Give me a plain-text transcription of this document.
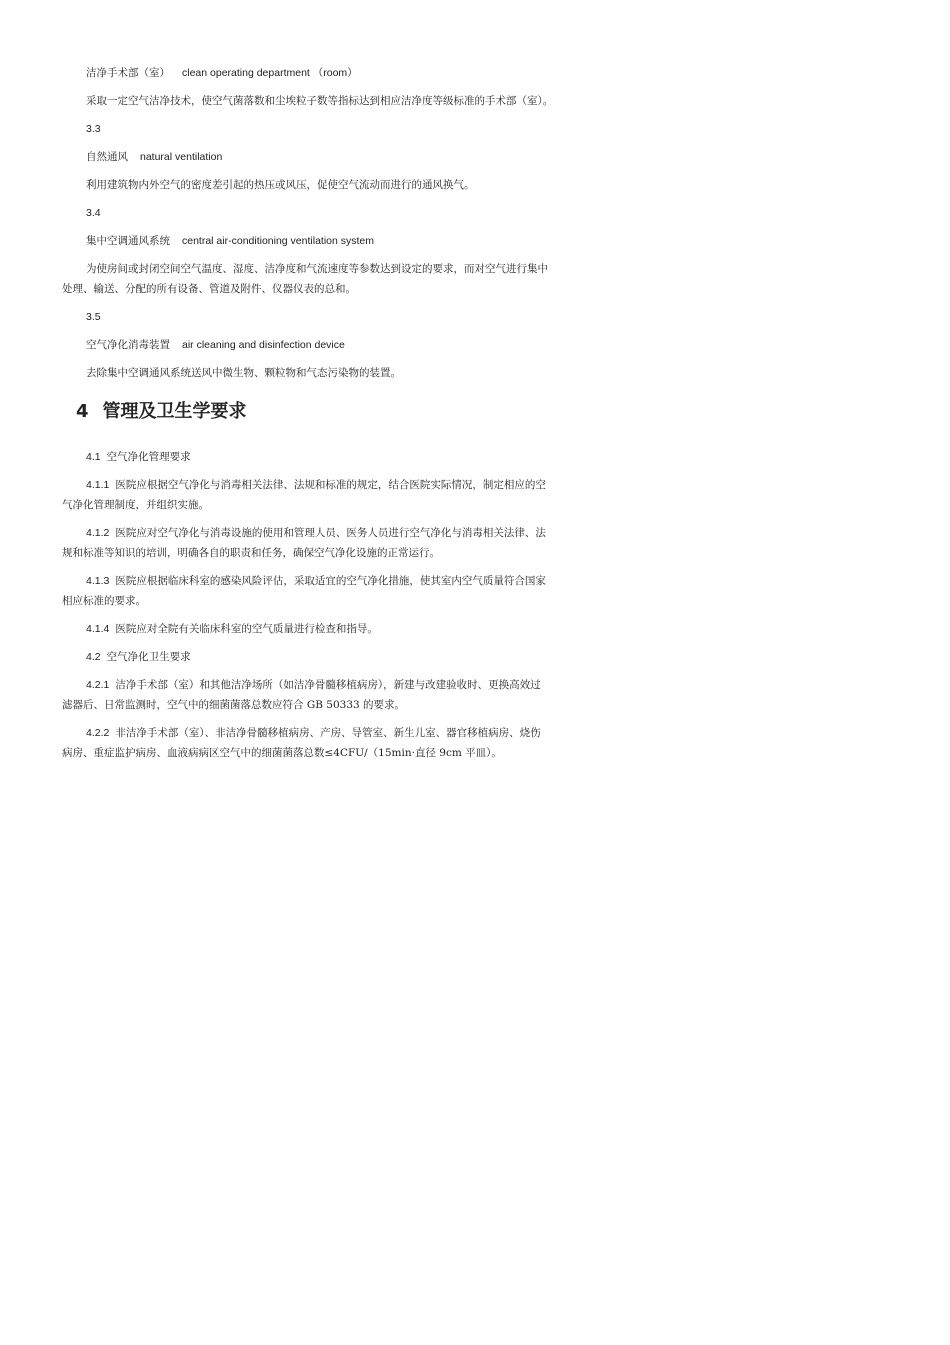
洁净手术部（室） clean operating department （room）
采取一定空气洁净技术，使空气菌落数和尘埃粒子数等指标达到相应洁净度等级标准的手术部（室）。
3.3
自然通风 natural ventilation
利用建筑物内外空气的密度差引起的热压或风压，促使空气流动而进行的通风换气。
3.4
集中空调通风系统 central air-conditioning ventilation system
为使房间或封闭空间空气温度、湿度、洁净度和气流速度等参数达到设定的要求，而对空气进行集中
处理、输送、分配的所有设备、管道及附件、仪器仪表的总和。
3.5
空气净化消毒装置 air cleaning and disinfection device
去除集中空调通风系统送风中微生物、颗粒物和气态污染物的装置。
4 管理及卫生学要求
4.1 空气净化管理要求
4.1.1 医院应根据空气净化与消毒相关法律、法规和标准的规定，结合医院实际情况，制定相应的空
气净化管理制度，并组织实施。
4.1.2 医院应对空气净化与消毒设施的使用和管理人员、医务人员进行空气净化与消毒相关法律、法
规和标准等知识的培训，明确各自的职责和任务，确保空气净化设施的正常运行。
4.1.3 医院应根据临床科室的感染风险评估，采取适宜的空气净化措施，使其室内空气质量符合国家
相应标准的要求。
4.1.4 医院应对全院有关临床科室的空气质量进行检查和指导。
4.2 空气净化卫生要求
4.2.1 洁净手术部（室）和其他洁净场所（如洁净骨髓移植病房），新建与改建验收时、更换高效过
滤器后、日常监测时，空气中的细菌菌落总数应符合 GB 50333 的要求。
4.2.2 非洁净手术部（室）、非洁净骨髓移植病房、产房、导管室、新生儿室、器官移植病房、烧伤
病房、重症监护病房、血液病病区空气中的细菌菌落总数≤4CFU/（15min·直径 9cm 平皿）。
